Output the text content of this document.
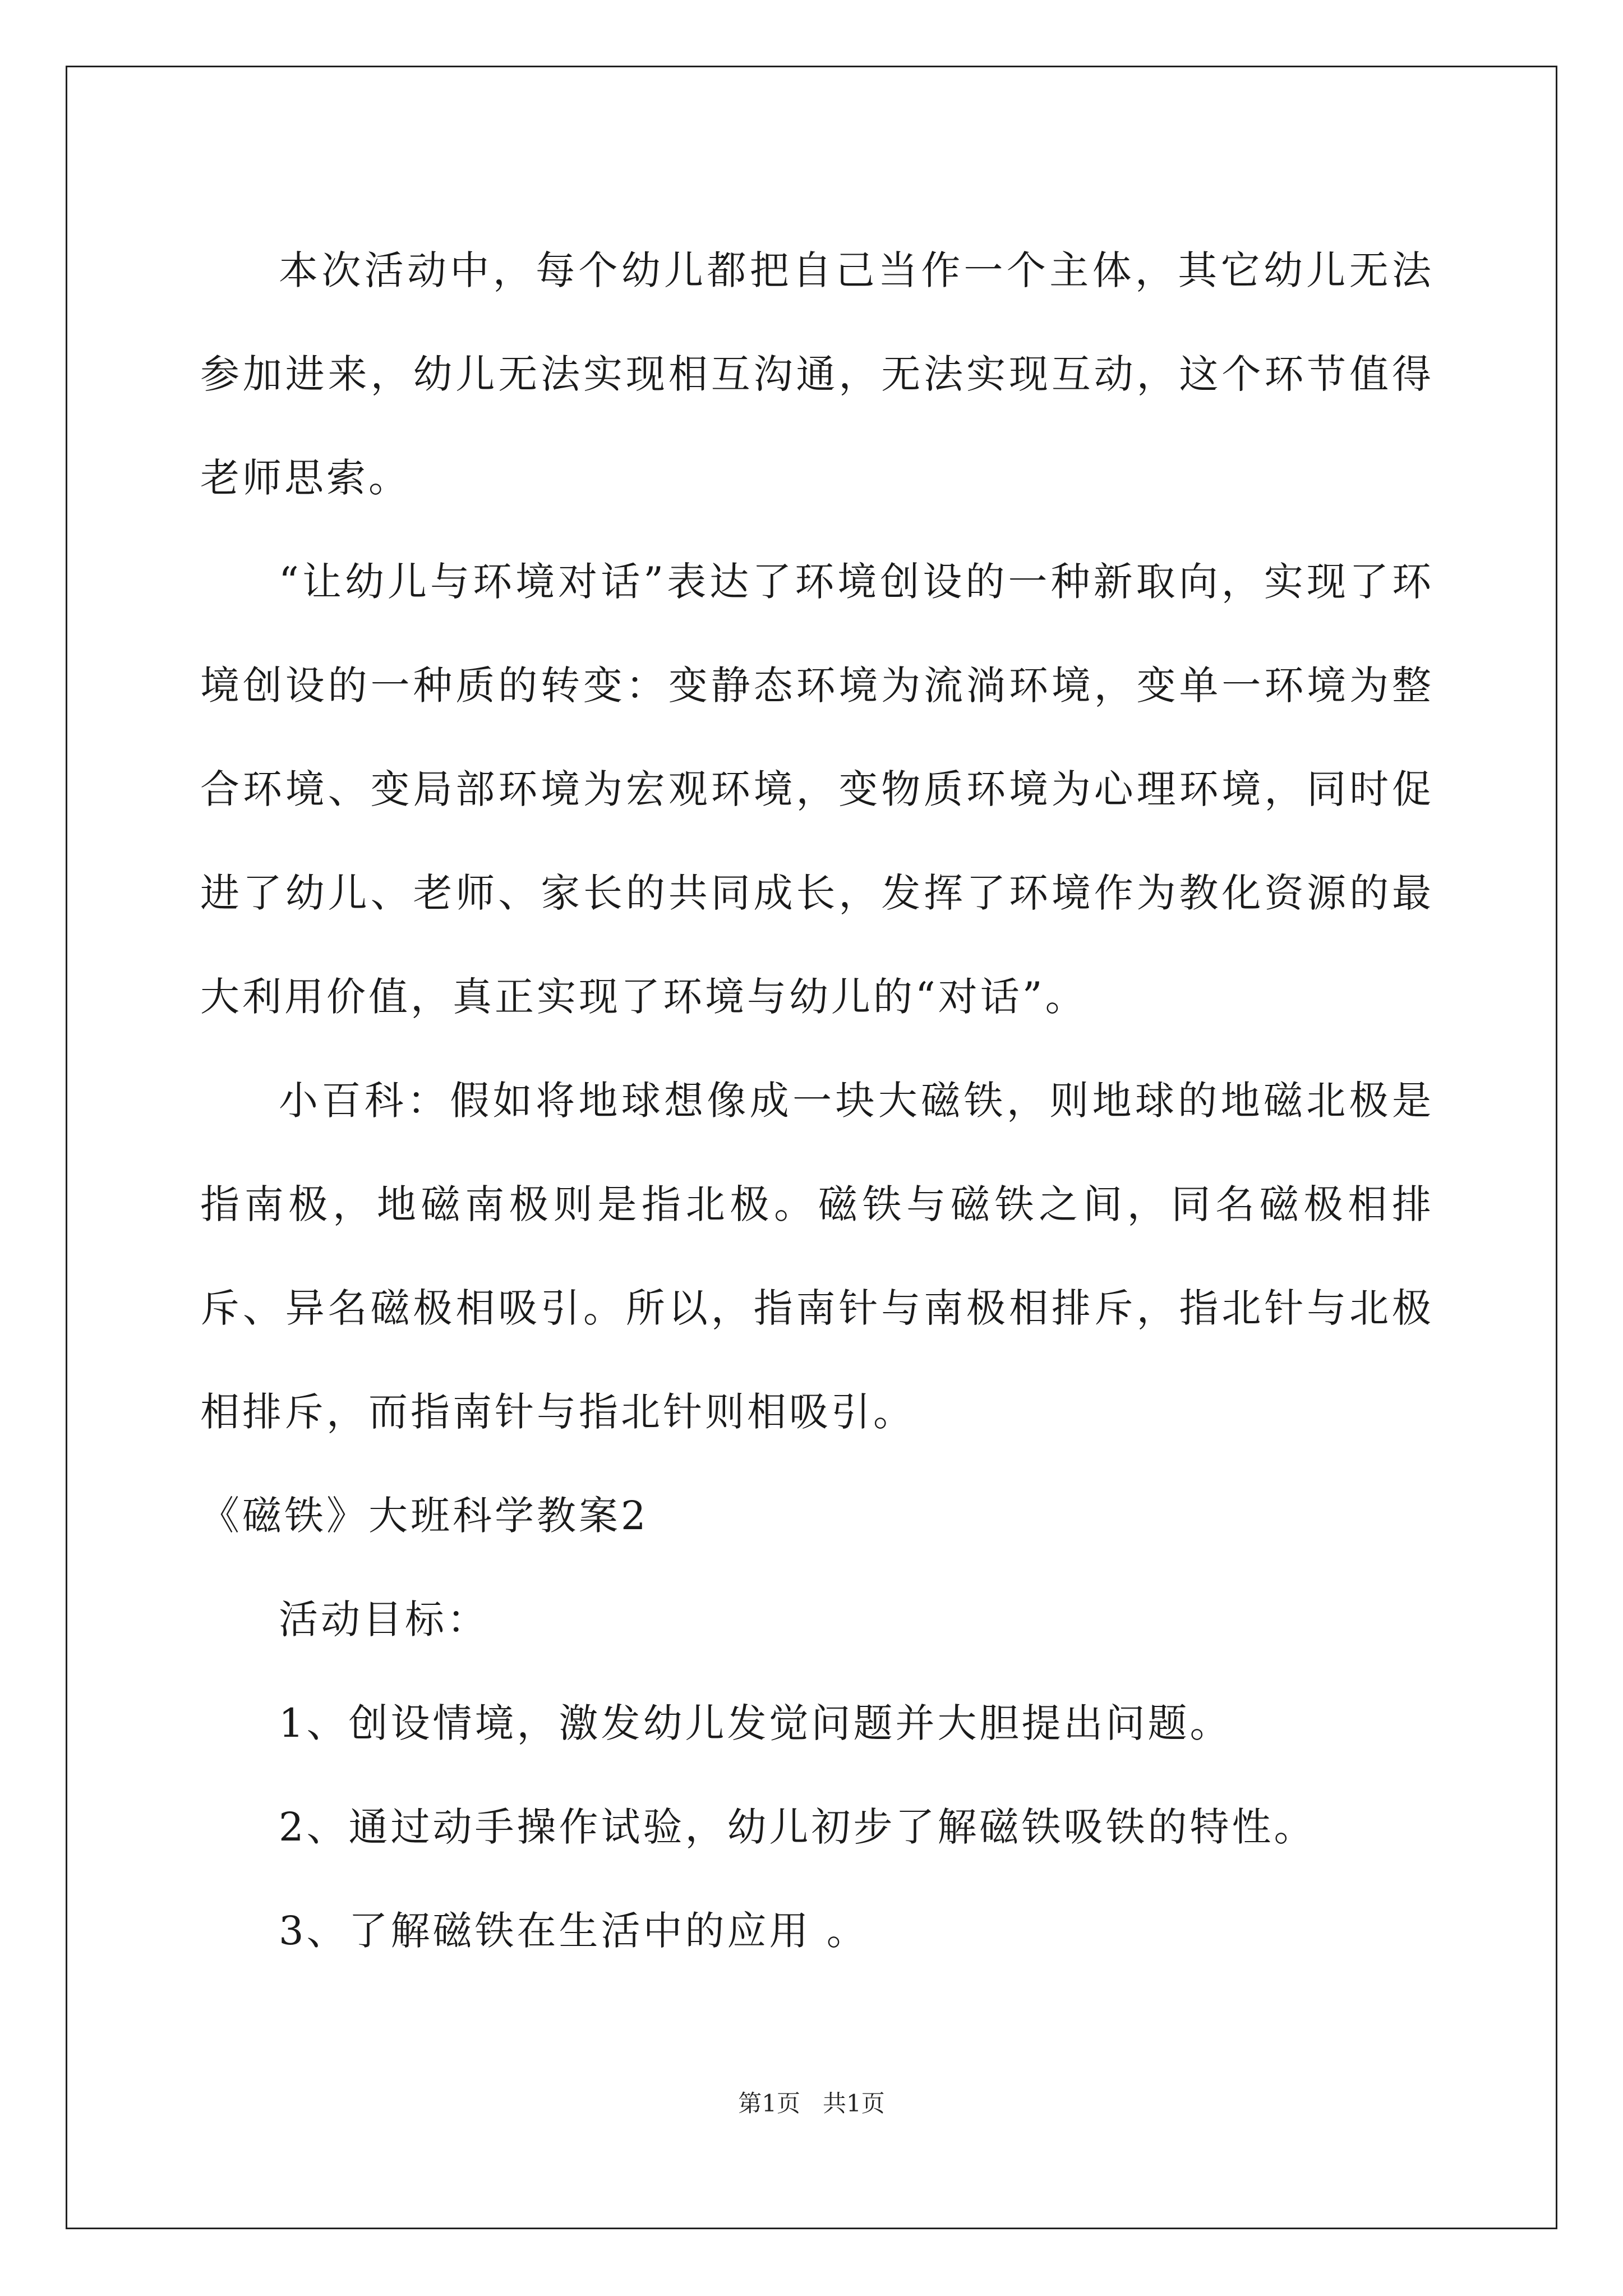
本次活动中，每个幼儿都把自己当作一个主体，其它幼儿无法参加进来，幼儿无法实现相互沟通，无法实现互动，这个环节值得老师思索。

“让幼儿与环境对话”表达了环境创设的一种新取向，实现了环境创设的一种质的转变：变静态环境为流淌环境，变单一环境为整合环境、变局部环境为宏观环境，变物质环境为心理环境，同时促进了幼儿、老师、家长的共同成长，发挥了环境作为教化资源的最大利用价值，真正实现了环境与幼儿的“对话”。

小百科：假如将地球想像成一块大磁铁，则地球的地磁北极是指南极，地磁南极则是指北极。磁铁与磁铁之间，同名磁极相排斥、异名磁极相吸引。所以，指南针与南极相排斥，指北针与北极相排斥，而指南针与指北针则相吸引。

《磁铁》大班科学教案2

活动目标：

1、创设情境，激发幼儿发觉问题并大胆提出问题。

2、通过动手操作试验，幼儿初步了解磁铁吸铁的特性。

3、了解磁铁在生活中的应用 。

第1页 共1页
